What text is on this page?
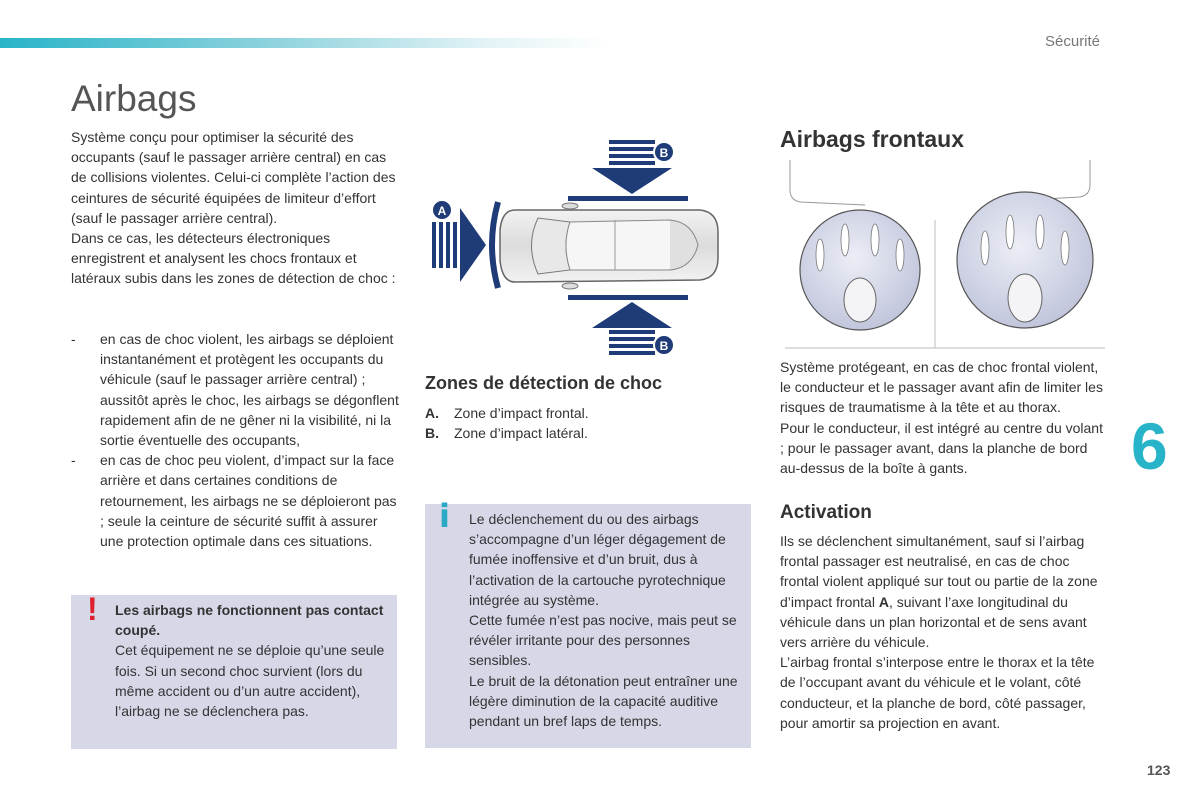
Sécurité
Airbags

Système conçu pour optimiser la sécurité des occupants (sauf le passager arrière central) en cas de collisions violentes. Celui-ci complète l’action des ceintures de sécurité équipées de limiteur d’effort (sauf le passager arrière central).

Dans ce cas, les détecteurs électroniques enregistrent et analysent les chocs frontaux et latéraux subis dans les zones de détection de choc :

-	en cas de choc violent, les airbags se déploient instantanément et protègent les occupants du véhicule (sauf le passager arrière central) ; aussitôt après le choc, les airbags se dégonflent rapidement afin de ne gêner ni la visibilité, ni la sortie éventuelle des occupants,
-	en cas de choc peu violent, d’impact sur la face arrière et dans certaines conditions de retournement, les airbags ne se déploieront pas ; seule la ceinture de sécurité suffit à assurer une protection optimale dans ces situations.
! Les airbags ne fonctionnent pas contact coupé.

Cet équipement ne se déploie qu’une seule fois. Si un second choc survient (lors du même accident ou d’un autre accident), l’airbag ne se déclenchera pas.

B
B
A
Zones de détection de choc
A.	Zone d’impact frontal.
B.	Zone d’impact latéral.
i Le déclenchement du ou des airbags s’accompagne d’un léger dégagement de fumée inoffensive et d’un bruit, dus à l’activation de la cartouche pyrotechnique intégrée au système.

Cette fumée n’est pas nocive, mais peut se révéler irritante pour des personnes sensibles.

Le bruit de la détonation peut entraîner une légère diminution de la capacité auditive pendant un bref laps de temps.

Airbags frontaux

Système protégeant, en cas de choc frontal violent, le conducteur et le passager avant afin de limiter les risques de traumatisme à la tête et au thorax.

Pour le conducteur, il est intégré au centre du volant ; pour le passager avant, dans la planche de bord au-dessus de la boîte à gants.

Activation

Ils se déclenchent simultanément, sauf si l’airbag frontal passager est neutralisé, en cas de choc frontal violent appliqué sur tout ou partie de la zone d’impact frontal A, suivant l’axe longitudinal du véhicule dans un plan horizontal et de sens avant vers arrière du véhicule.

L’airbag frontal s’interpose entre le thorax et la tête de l’occupant avant du véhicule et le volant, côté conducteur, et la planche de bord, côté passager, pour amortir sa projection en avant.

6
123
